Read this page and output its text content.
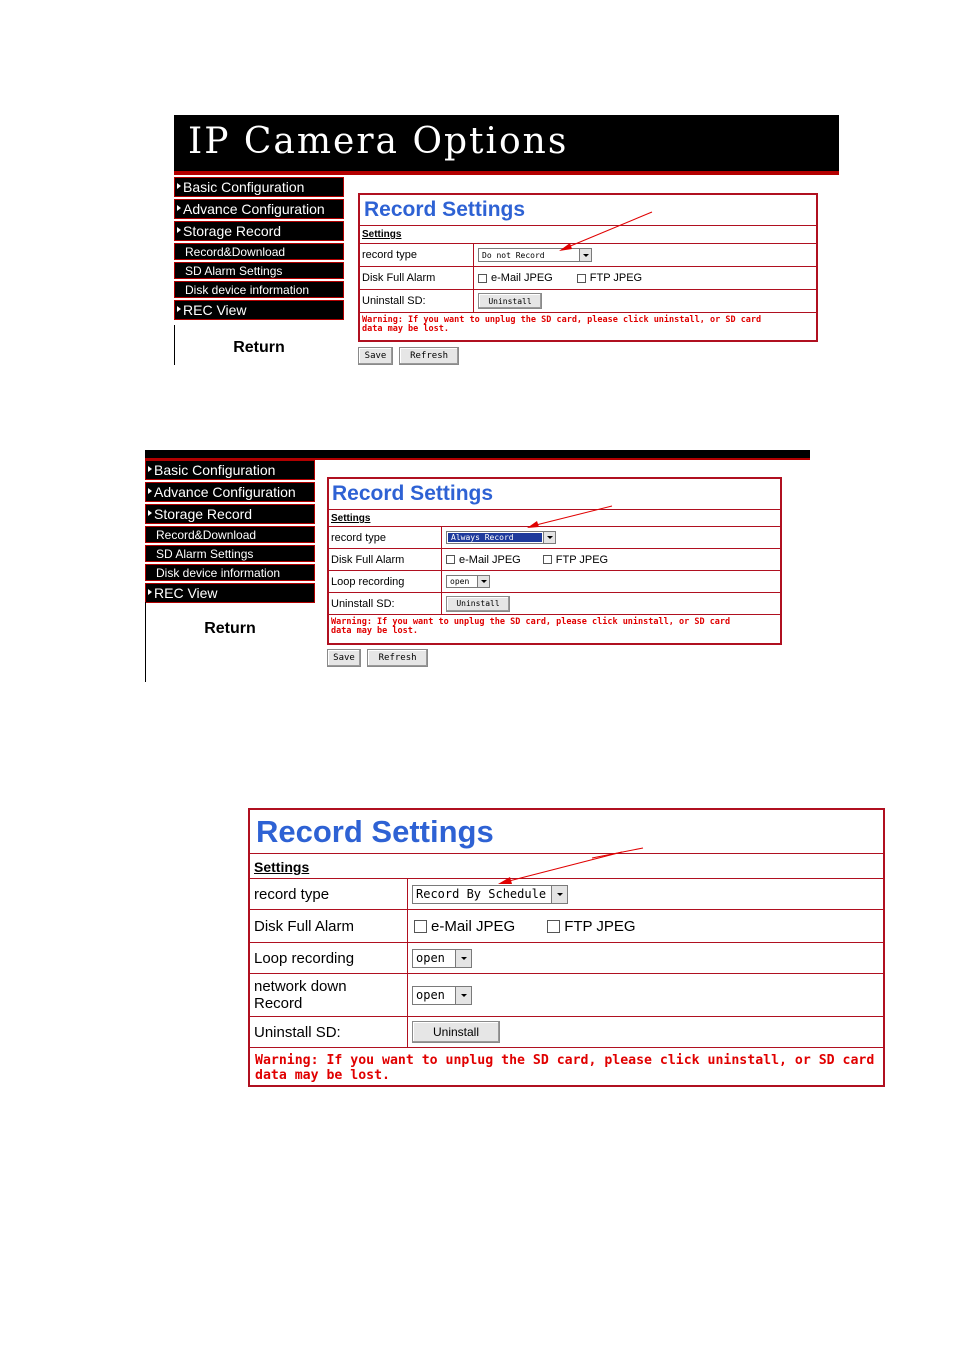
IP Camera Options
Basic Configuration
Advance Configuration
Storage Record
Record&Download
SD Alarm Settings
Disk device information
REC View
Return
Record Settings
Settings
record type	Do not Record
Disk Full Alarm	e-Mail JPEG	FTP JPEG
Uninstall SD:	Uninstall
Warning: If you want to unplug the SD card, please click uninstall, or SD card
data may be lost.
Save	Refresh
Basic Configuration
Advance Configuration
Storage Record
Record&Download
SD Alarm Settings
Disk device information
REC View
Return
Record Settings
Settings
record type	Always Record
Disk Full Alarm	e-Mail JPEG	FTP JPEG
Loop recording	open
Uninstall SD:	Uninstall
Warning: If you want to unplug the SD card, please click uninstall, or SD card
data may be lost.
Save	Refresh
Record Settings
Settings
record type	Record By Schedule
Disk Full Alarm	e-Mail JPEG	FTP JPEG
Loop recording	open
network down
Record	open
Uninstall SD:	Uninstall
Warning: If you want to unplug the SD card, please click uninstall, or SD card
data may be lost.
